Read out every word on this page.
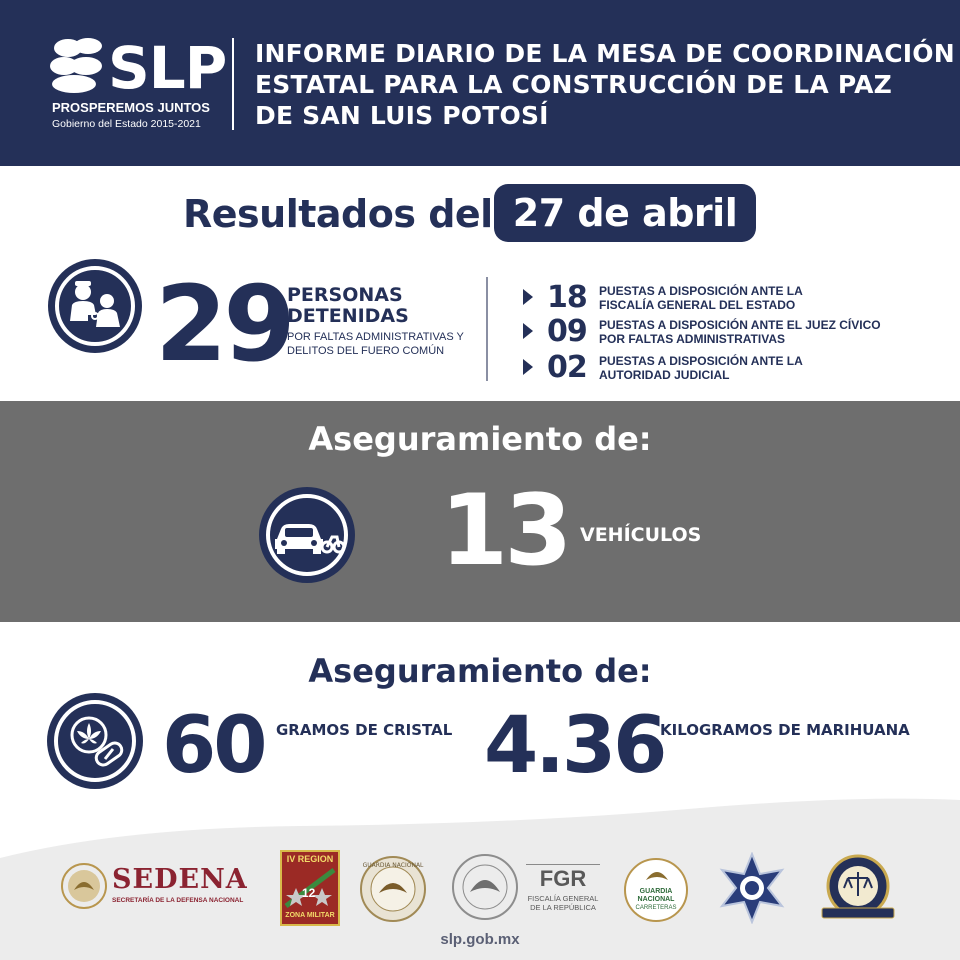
SLP
PROSPEREMOS JUNTOS
Gobierno del Estado 2015-2021
INFORME DIARIO DE LA MESA DE COORDINACIÓN
ESTATAL PARA LA CONSTRUCCIÓN DE LA PAZ
DE SAN LUIS POTOSÍ
Resultados del 27 de abril
29
PERSONAS
DETENIDAS
POR FALTAS ADMINISTRATIVAS Y
DELITOS DEL FUERO COMÚN
18 PUESTAS A DISPOSICIÓN ANTE LA
FISCALÍA GENERAL DEL ESTADO
09 PUESTAS A DISPOSICIÓN ANTE EL JUEZ CÍVICO
POR FALTAS ADMINISTRATIVAS
02 PUESTAS A DISPOSICIÓN ANTE LA
AUTORIDAD JUDICIAL
Aseguramiento de:
13 VEHÍCULOS
Aseguramiento de:
60 GRAMOS DE CRISTAL 4.36
KILOGRAMOS DE MARIHUANA
SEDENA
SECRETARÍA DE LA DEFENSA NACIONAL
IV REGION
12
ZONA MILITAR
GUARDIA NACIONAL
FGR
FISCALÍA GENERAL
DE LA REPÚBLICA
GUARDIA
NACIONAL
CARRETERAS
slp.gob.mx
